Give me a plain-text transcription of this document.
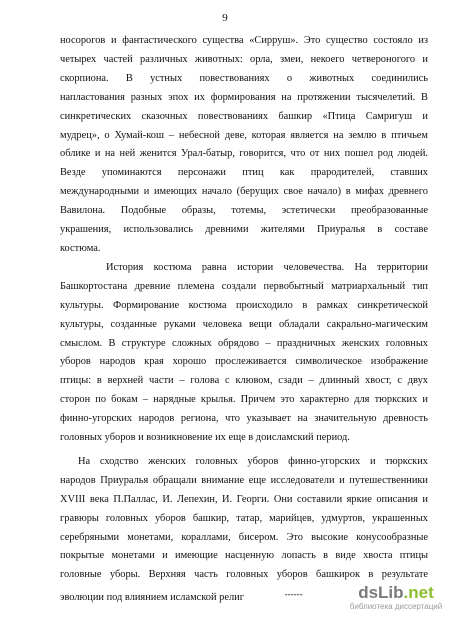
9
носорогов и фантастического существа «Сирруш». Это существо состояло из
четырех частей различных животных: орла, змеи, некоего четвероногого и
скорпиона. В устных повествованиях о животных соединились
напластования разных эпох их формирования на протяжении тысячелетий. В
синкретических сказочных повествованиях башкир «Птица Самригуш и
мудрец», о Хумай-кош – небесной деве, которая является на землю в птичьем
облике и на ней женится Урал-батыр, говорится, что от них пошел род людей.
Везде упоминаются персонажи птиц как прародителей, ставших
международными и имеющих начало (берущих свое начало) в мифах древнего
Вавилона. Подобные образы, тотемы, эстетически преобразованные
украшения, использовались древними жителями Приуралья в составе
костюма.
История костюма равна истории человечества. На территории
Башкортостана древние племена создали первобытный матриархальный тип
культуры. Формирование костюма происходило в рамках синкретической
культуры, созданные руками человека вещи обладали сакрально-магическим
смыслом. В структуре сложных обрядово – праздничных женских головных
уборов народов края хорошо прослеживается символическое изображение
птицы: в верхней части – голова с клювом, сзади – длинный хвост, с двух
сторон по бокам – нарядные крылья. Причем это характерно для тюркских и
финно-угорских народов региона, что указывает на значительную древность
головных уборов и возникновение их еще в доисламский период.
На сходство женских головных уборов финно-угорских и тюркских
народов Приуралья обращали внимание еще исследователи и путешественники
XVIII века П.Паллас, И. Лепехин, И. Георги. Они составили яркие описания и
гравюры головных уборов башкир, татар, марийцев, удмуртов, украшенных
серебряными монетами, кораллами, бисером. Это высокие конусообразные
покрытые монетами и имеющие насценную лопасть в виде хвоста птицы
головные уборы. Верхняя часть головных уборов башкирок в результате
эволюции под влиянием исламской религ	------	dsLib.net
библиотека диссертаций
